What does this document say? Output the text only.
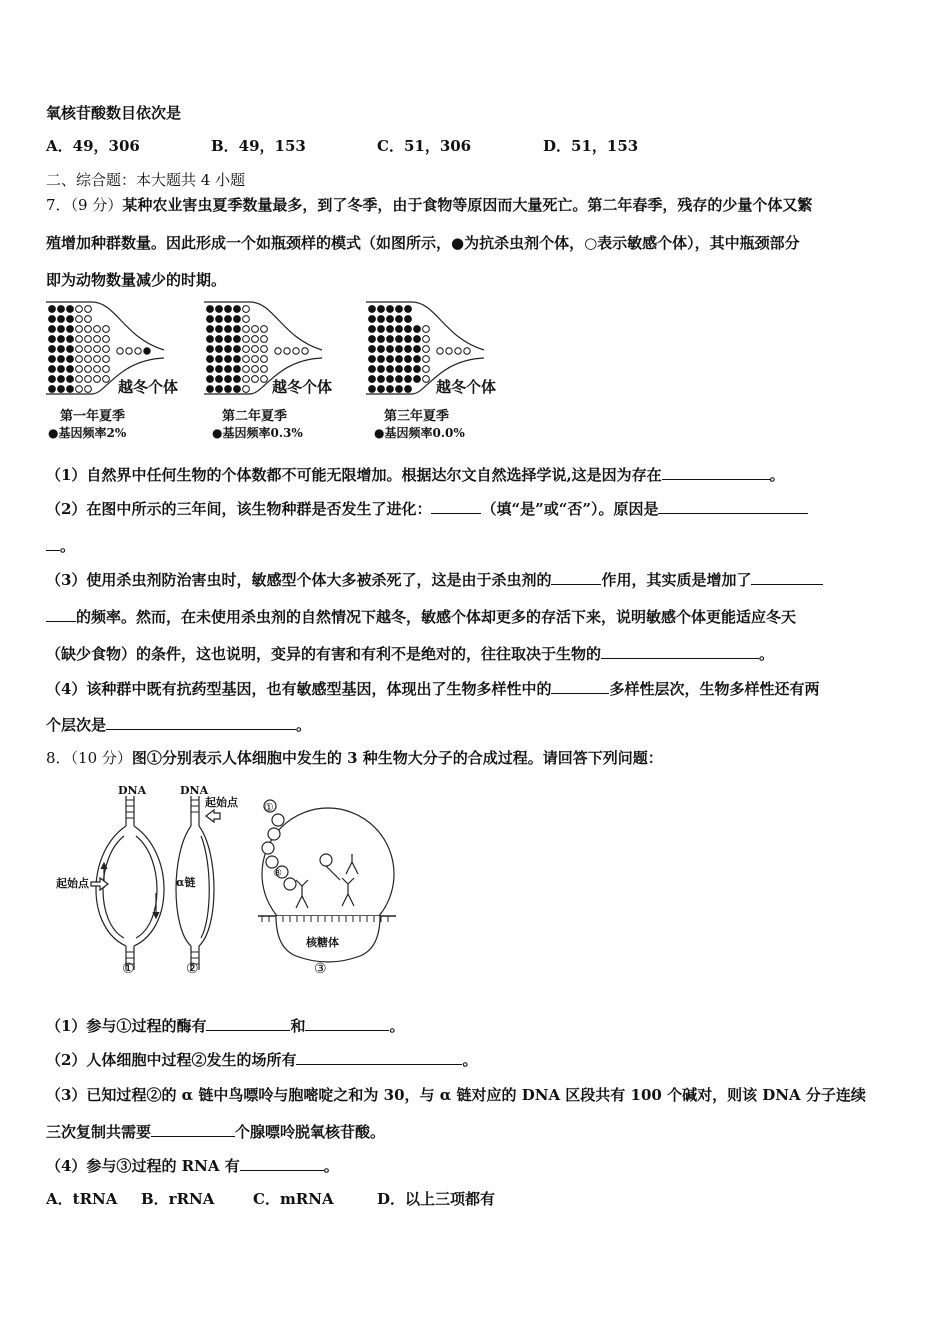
氧核苷酸数目依次是
A．49，306	B．49，153	C．51，306	D．51，153
二、综合题：本大题共 4 小题
7．（9 分）某种农业害虫夏季数量最多，到了冬季，由于食物等原因而大量死亡。第二年春季，残存的少量个体又繁
殖增加种群数量。因此形成一个如瓶颈样的模式（如图所示，●为抗杀虫剂个体，○表示敏感个体），其中瓶颈部分
即为动物数量减少的时期。
越冬个体	越冬个体	越冬个体
第一年夏季
●基因频率2%
第二年夏季
●基因频率0.3%
第三年夏季
●基因频率0.0%
（1）自然界中任何生物的个体数都不可能无限增加。根据达尔文自然选择学说,这是因为存在	。
（2）在图中所示的三年间，该生物种群是否发生了进化：	（填“是”或“否”）。原因是
。
（3）使用杀虫剂防治害虫时，敏感型个体大多被杀死了，这是由于杀虫剂的	作用，其实质是增加了
的频率。然而，在未使用杀虫剂的自然情况下越冬，敏感个体却更多的存活下来，说明敏感个体更能适应冬天
（缺少食物）的条件，这也说明，变异的有害和有利不是绝对的，往往取决于生物的	。
（4）该种群中既有抗药型基因，也有敏感型基因，体现出了生物多样性中的	多样性层次，生物多样性还有两
个层次是	。
8．（10 分）图①分别表示人体细胞中发生的 3 种生物大分子的合成过程。请回答下列问题：
DNA	DNA
起始点
起始点	α链
核糖体
①
⑧
①	②	③
（1）参与①过程的酶有	和	。
（2）人体细胞中过程②发生的场所有	。
（3）已知过程②的 α 链中鸟嘌呤与胞嘧啶之和为 30，与 α 链对应的 DNA 区段共有 100 个碱对，则该 DNA 分子连续
三次复制共需要	个腺嘌呤脱氧核苷酸。
（4）参与③过程的 RNA 有	。
A．tRNA B．rRNA	C．mRNA	D．以上三项都有
